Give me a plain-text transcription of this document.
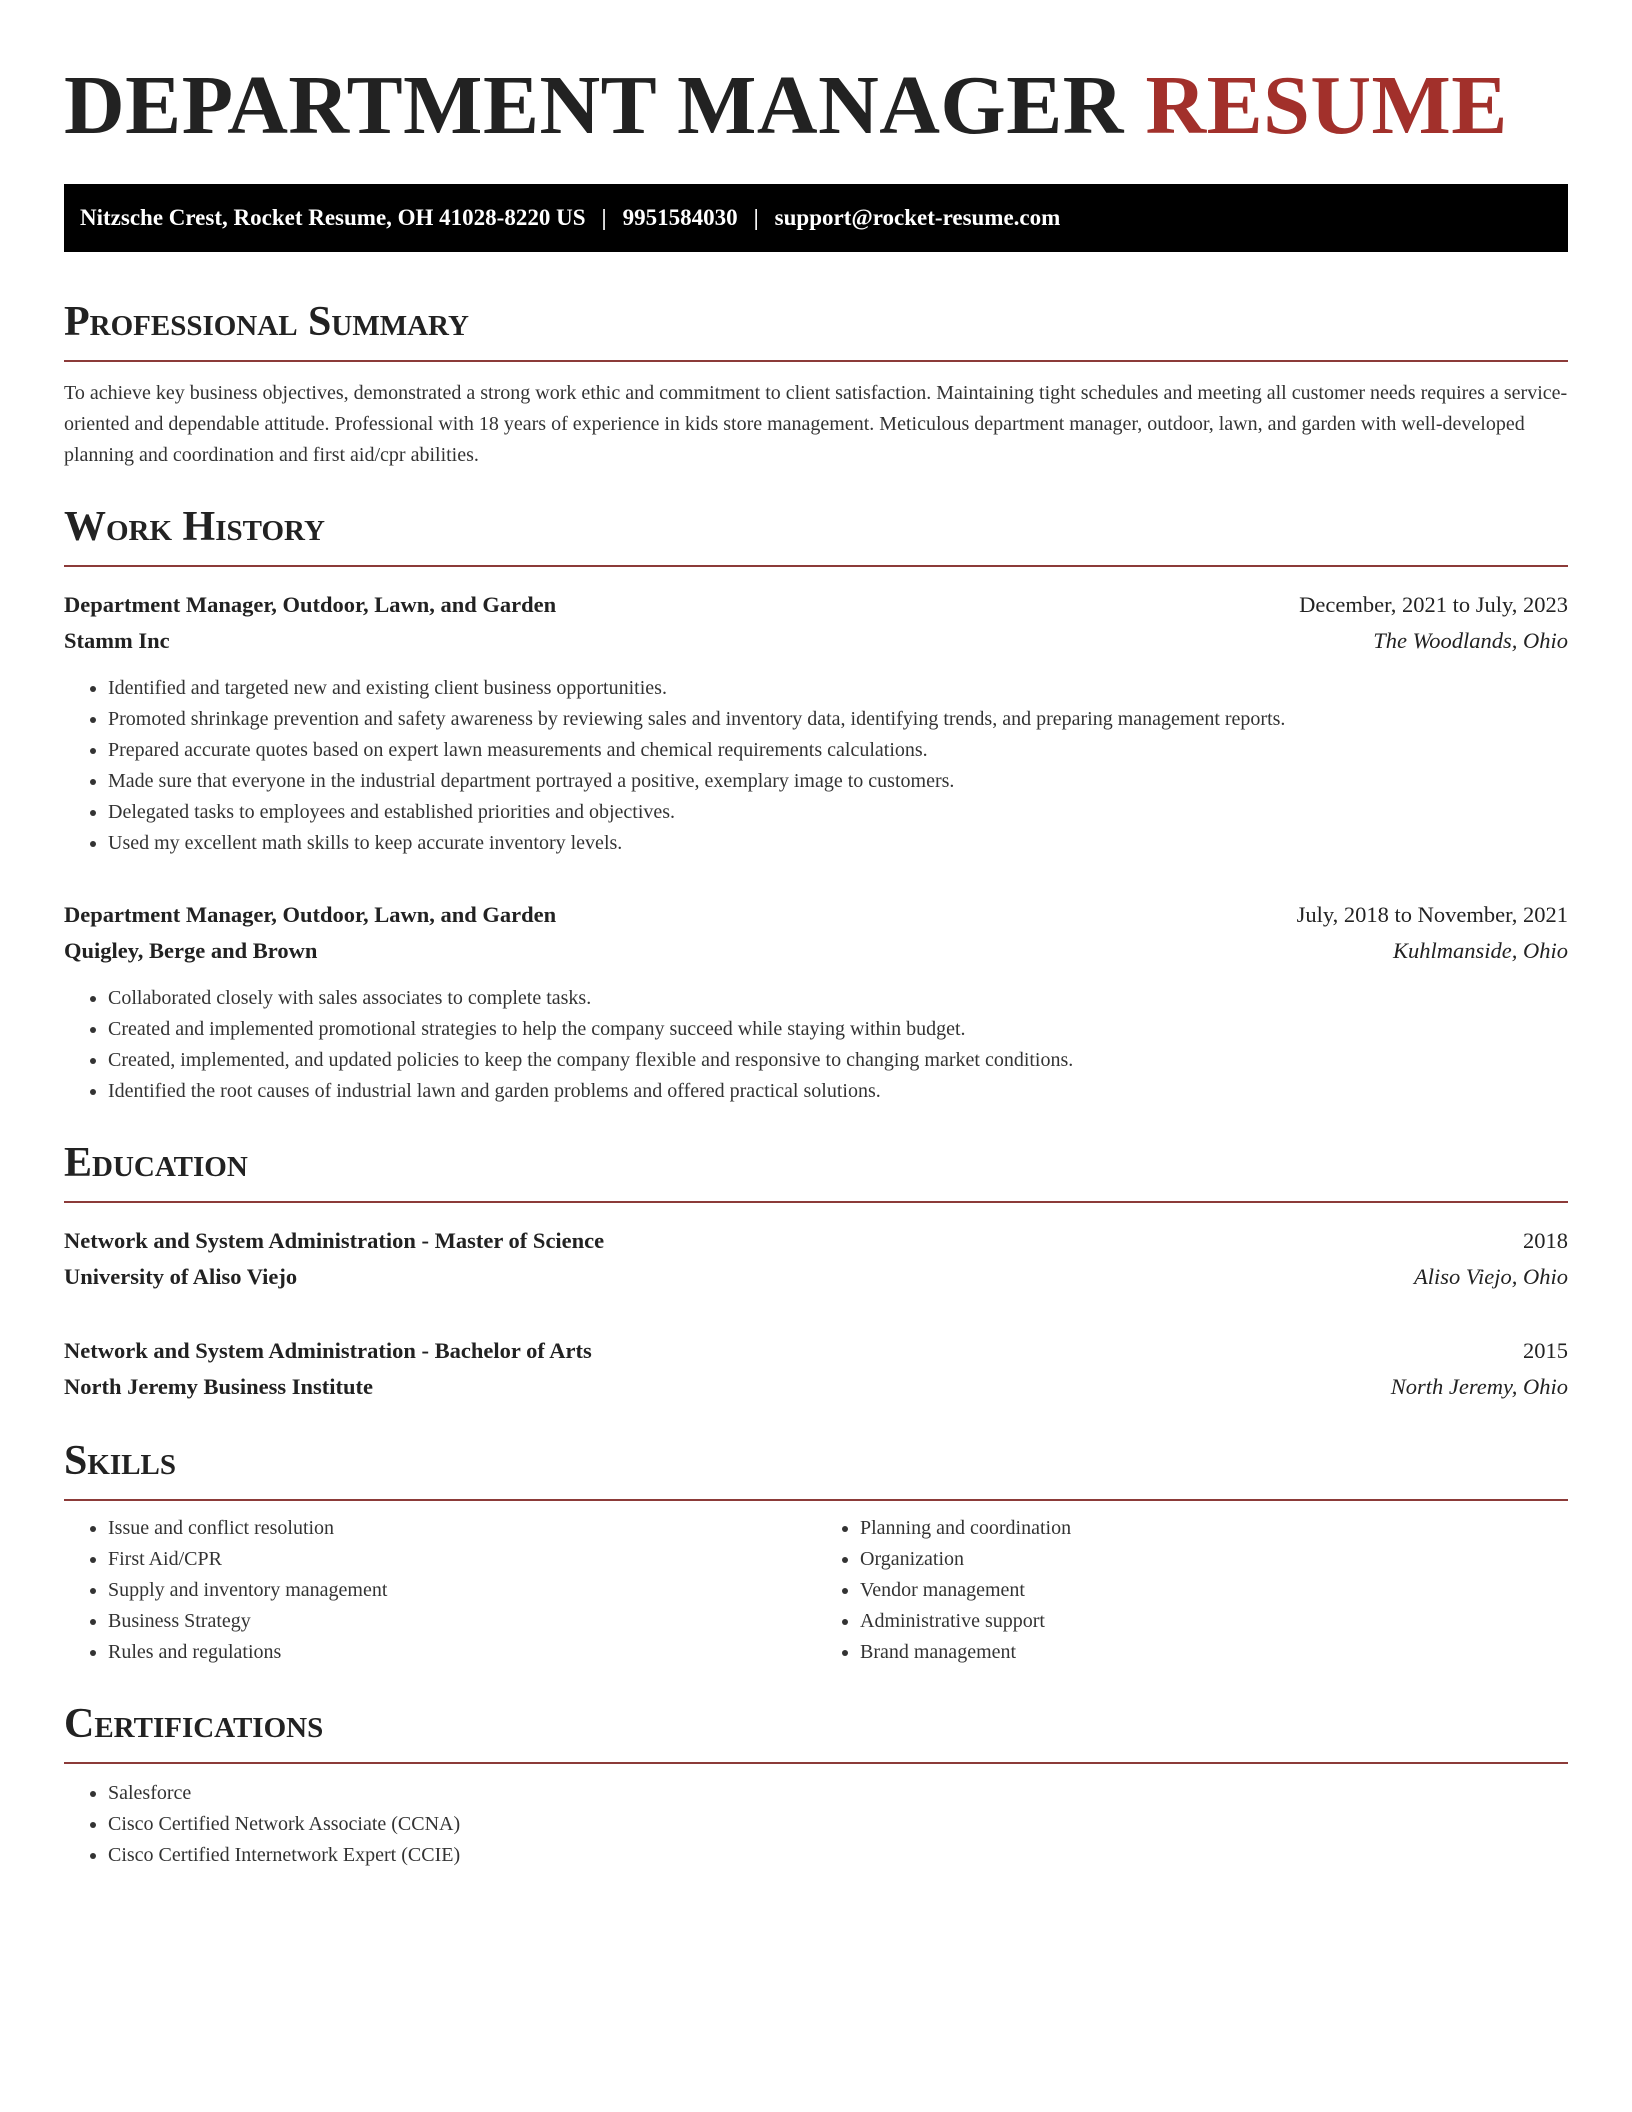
DEPARTMENT MANAGER RESUME
Nitzsche Crest, Rocket Resume, OH 41028-8220 US | 9951584030 | support@rocket-resume.com
Professional Summary
To achieve key business objectives, demonstrated a strong work ethic and commitment to client satisfaction. Maintaining tight schedules and meeting all customer needs requires a service-oriented and dependable attitude. Professional with 18 years of experience in kids store management. Meticulous department manager, outdoor, lawn, and garden with well-developed planning and coordination and first aid/cpr abilities.
Work History
Department Manager, Outdoor, Lawn, and Garden	December, 2021 to July, 2023
Stamm Inc	The Woodlands, Ohio
• Identified and targeted new and existing client business opportunities.
• Promoted shrinkage prevention and safety awareness by reviewing sales and inventory data, identifying trends, and preparing management reports.
• Prepared accurate quotes based on expert lawn measurements and chemical requirements calculations.
• Made sure that everyone in the industrial department portrayed a positive, exemplary image to customers.
• Delegated tasks to employees and established priorities and objectives.
• Used my excellent math skills to keep accurate inventory levels.
Department Manager, Outdoor, Lawn, and Garden	July, 2018 to November, 2021
Quigley, Berge and Brown	Kuhlmanside, Ohio
• Collaborated closely with sales associates to complete tasks.
• Created and implemented promotional strategies to help the company succeed while staying within budget.
• Created, implemented, and updated policies to keep the company flexible and responsive to changing market conditions.
• Identified the root causes of industrial lawn and garden problems and offered practical solutions.
Education
Network and System Administration - Master of Science	2018
University of Aliso Viejo	Aliso Viejo, Ohio
Network and System Administration - Bachelor of Arts	2015
North Jeremy Business Institute	North Jeremy, Ohio
Skills
• Issue and conflict resolution
• First Aid/CPR
• Supply and inventory management
• Business Strategy
• Rules and regulations
• Planning and coordination
• Organization
• Vendor management
• Administrative support
• Brand management
Certifications
• Salesforce
• Cisco Certified Network Associate (CCNA)
• Cisco Certified Internetwork Expert (CCIE)
